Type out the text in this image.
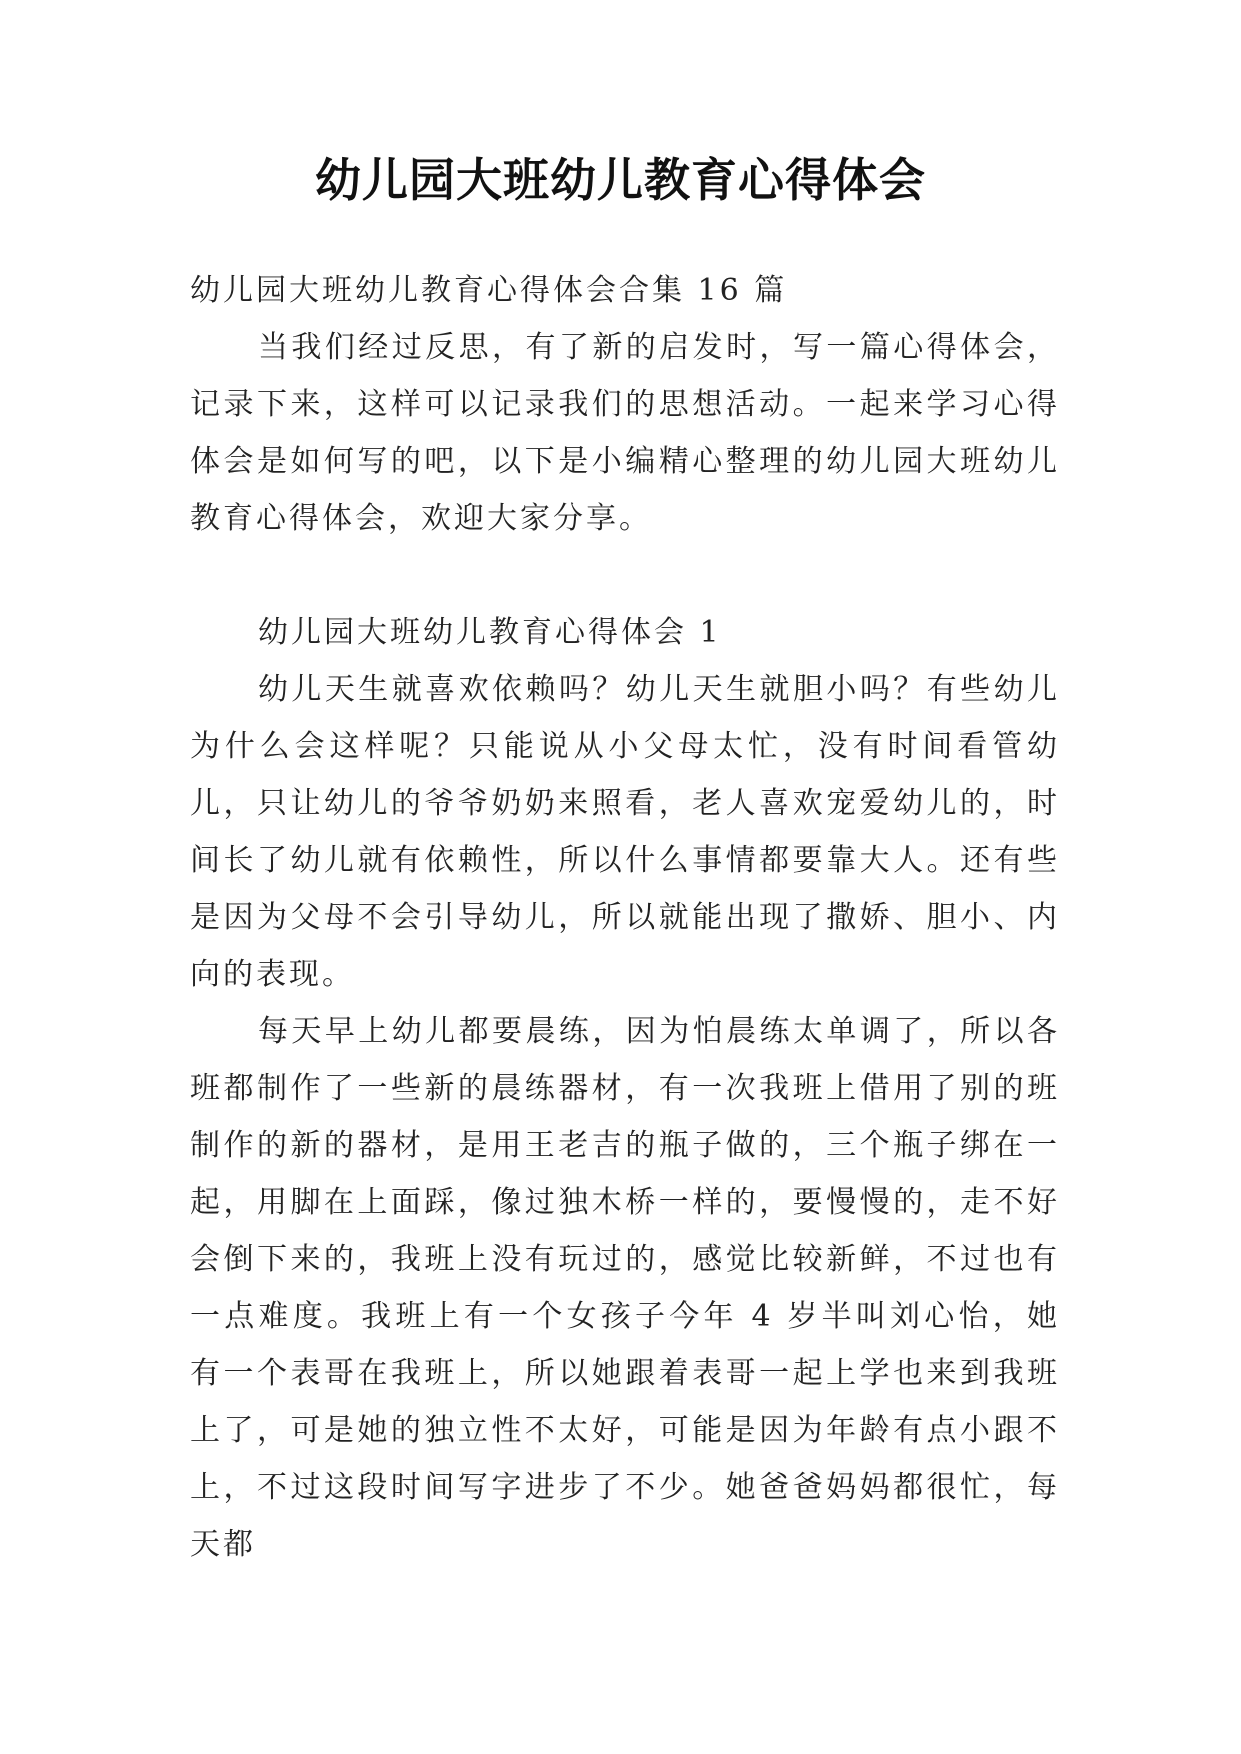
幼儿园大班幼儿教育心得体会

幼儿园大班幼儿教育心得体会合集 16 篇

当我们经过反思，有了新的启发时，写一篇心得体会，记录下来，这样可以记录我们的思想活动。一起来学习心得体会是如何写的吧，以下是小编精心整理的幼儿园大班幼儿教育心得体会，欢迎大家分享。

幼儿园大班幼儿教育心得体会 1

幼儿天生就喜欢依赖吗？幼儿天生就胆小吗？有些幼儿为什么会这样呢？只能说从小父母太忙，没有时间看管幼儿，只让幼儿的爷爷奶奶来照看，老人喜欢宠爱幼儿的，时间长了幼儿就有依赖性，所以什么事情都要靠大人。还有些是因为父母不会引导幼儿，所以就能出现了撒娇、胆小、内向的表现。

每天早上幼儿都要晨练，因为怕晨练太单调了，所以各班都制作了一些新的晨练器材，有一次我班上借用了别的班制作的新的器材，是用王老吉的瓶子做的，三个瓶子绑在一起，用脚在上面踩，像过独木桥一样的，要慢慢的，走不好会倒下来的，我班上没有玩过的，感觉比较新鲜，不过也有一点难度。我班上有一个女孩子今年 4 岁半叫刘心怡，她有一个表哥在我班上，所以她跟着表哥一起上学也来到我班上了，可是她的独立性不太好，可能是因为年龄有点小跟不上，不过这段时间写字进步了不少。她爸爸妈妈都很忙，每天都
